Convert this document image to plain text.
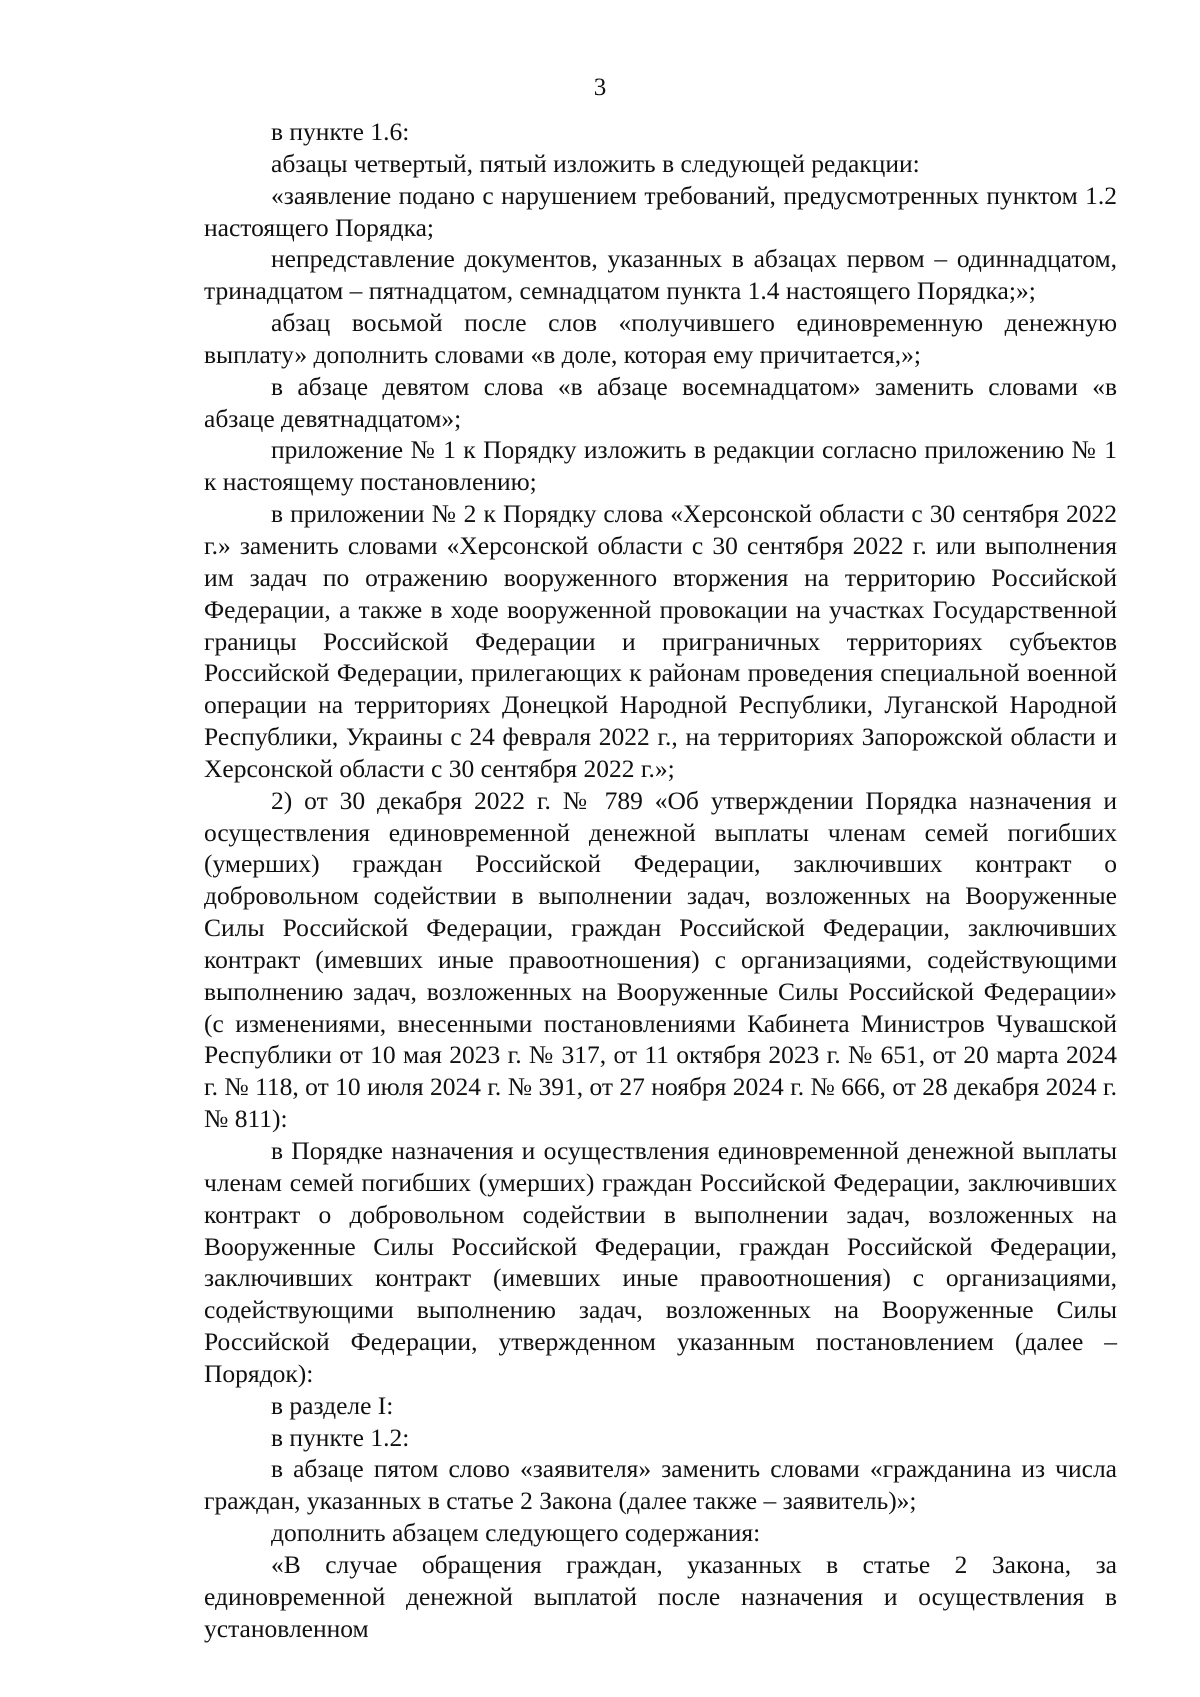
3

в пункте 1.6:

абзацы четвертый, пятый изложить в следующей редакции:

«заявление подано с нарушением требований, предусмотренных пунктом 1.2 настоящего Порядка;

непредставление документов, указанных в абзацах первом – одиннадцатом, тринадцатом – пятнадцатом, семнадцатом пункта 1.4 настоящего Порядка;»;

абзац восьмой после слов «получившего единовременную денежную выплату» дополнить словами «в доле, которая ему причитается,»;

в абзаце девятом слова «в абзаце восемнадцатом» заменить словами «в абзаце девятнадцатом»;

приложение № 1 к Порядку изложить в редакции согласно приложению № 1 к настоящему постановлению;

в приложении № 2 к Порядку слова «Херсонской области с 30 сентября 2022 г.» заменить словами «Херсонской области с 30 сентября 2022 г. или выполнения им задач по отражению вооруженного вторжения на территорию Российской Федерации, а также в ходе вооруженной провокации на участках Государственной границы Российской Федерации и приграничных территориях субъектов Российской Федерации, прилегающих к районам проведения специальной военной операции на территориях Донецкой Народной Республики, Луганской Народной Республики, Украины с 24 февраля 2022 г., на территориях Запорожской области и Херсонской области с 30 сентября 2022 г.»;

2) от 30 декабря 2022 г. № 789 «Об утверждении Порядка назначения и осуществления единовременной денежной выплаты членам семей погибших (умерших) граждан Российской Федерации, заключивших контракт о добровольном содействии в выполнении задач, возложенных на Вооруженные Силы Российской Федерации, граждан Российской Федерации, заключивших контракт (имевших иные правоотношения) с организациями, содействующими выполнению задач, возложенных на Вооруженные Силы Российской Федерации» (с изменениями, внесенными постановлениями Кабинета Министров Чувашской Республики от 10 мая 2023 г. № 317, от 11 октября 2023 г. № 651, от 20 марта 2024 г. № 118, от 10 июля 2024 г. № 391, от 27 ноября 2024 г. № 666, от 28 декабря 2024 г. № 811):

в Порядке назначения и осуществления единовременной денежной выплаты членам семей погибших (умерших) граждан Российской Федерации, заключивших контракт о добровольном содействии в выполнении задач, возложенных на Вооруженные Силы Российской Федерации, граждан Российской Федерации, заключивших контракт (имевших иные правоотношения) с организациями, содействующими выполнению задач, возложенных на Вооруженные Силы Российской Федерации, утвержденном указанным постановлением (далее – Порядок):

в разделе I:

в пункте 1.2:

в абзаце пятом слово «заявителя» заменить словами «гражданина из числа граждан, указанных в статье 2 Закона (далее также – заявитель)»;

дополнить абзацем следующего содержания:

«В случае обращения граждан, указанных в статье 2 Закона, за единовременной денежной выплатой после назначения и осуществления в установленном
